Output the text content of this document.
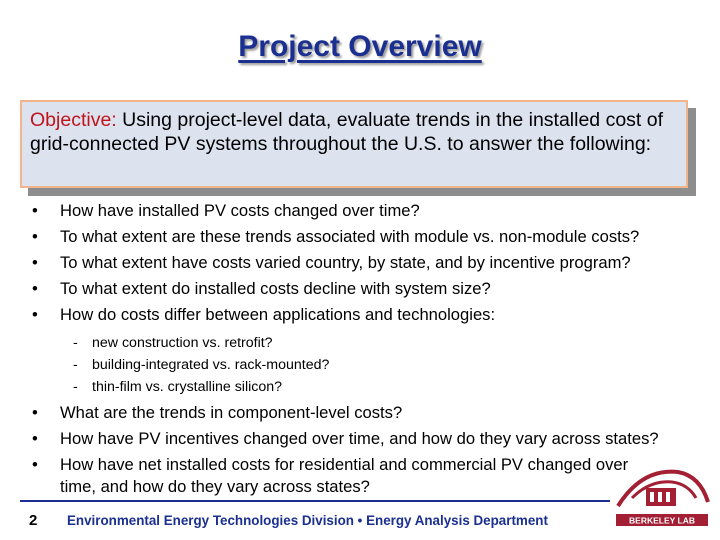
Project Overview
Objective: Using project-level data, evaluate trends in the installed cost of grid-connected PV systems throughout the U.S. to answer the following:
• How have installed PV costs changed over time?
• To what extent are these trends associated with module vs. non-module costs?
• To what extent have costs varied country, by state, and by incentive program?
• To what extent do installed costs decline with system size?
• How do costs differ between applications and technologies:
- new construction vs. retrofit?
- building-integrated vs. rack-mounted?
- thin-film vs. crystalline silicon?
• What are the trends in component-level costs?
• How have PV incentives changed over time, and how do they vary across states?
• How have net installed costs for residential and commercial PV changed over
time, and how do they vary across states?
2 Environmental Energy Technologies Division • Energy Analysis Department	BERKELEY LAB
